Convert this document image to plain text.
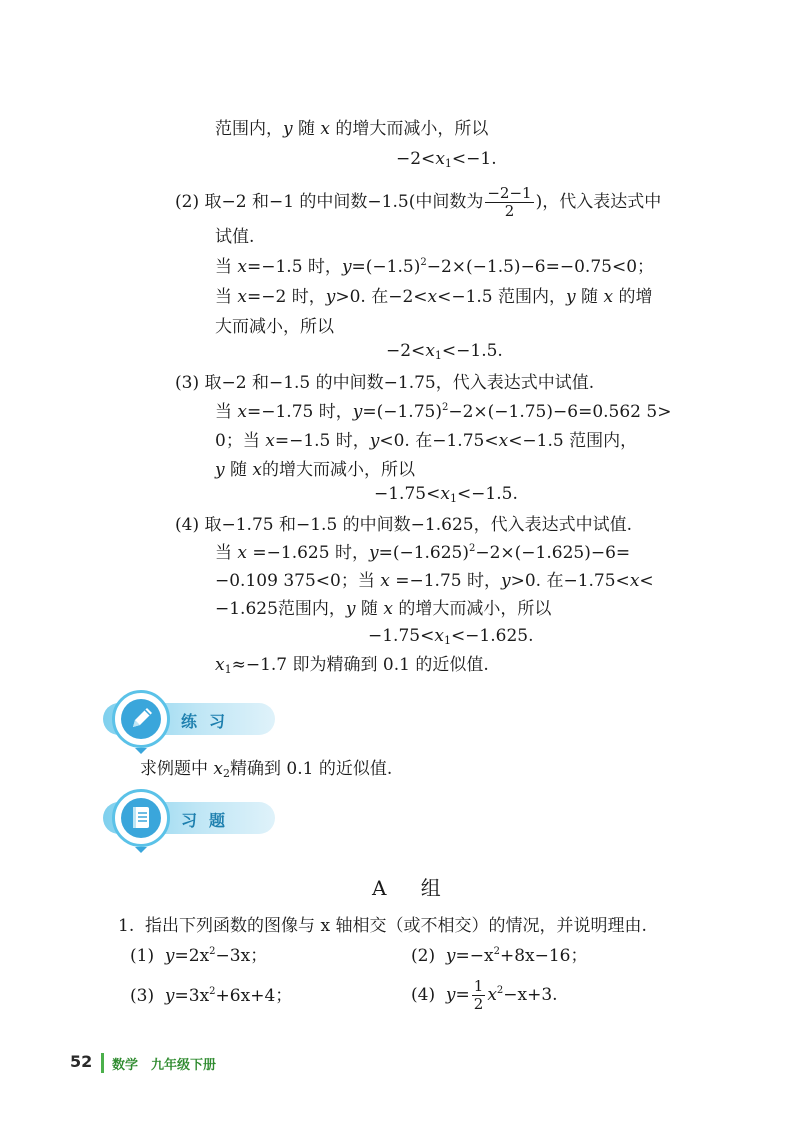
范围内，y 随 x 的增大而减小，所以
$-2<x_1<-1$.
(2) 取−2 和−1 的中间数−1.5(中间数为 $\frac{-2-1}{2}$ )，代入表达式中
试值.
当 x=−1.5 时，$y=(-1.5)^2-2\times(-1.5)-6=-0.75<0$；
当 x=−2 时，y>0. 在−2<x<−1.5 范围内，y 随 x 的增
大而减小，所以
$-2<x_1<-1.5$.
(3) 取−2 和−1.5 的中间数−1.75，代入表达式中试值.
当 x=−1.75 时，$y=(-1.75)^2-2\times(-1.75)-6=0.562$ 5>
0；当 x=−1.5 时，y<0. 在−1.75<x<−1.5 范围内，
y 随 x的增大而减小，所以
$-1.75<x_1<-1.5$.
(4) 取−1.75 和−1.5 的中间数−1.625，代入表达式中试值.
当 x =−1.625 时，$y=(-1.625)^2-2\times(-1.625)-6=$
−0.109 375<0；当 x =−1.75 时，y>0. 在−1.75<x<
−1.625范围内，y 随 x 的增大而减小，所以
$-1.75<x_1<-1.625$.
$x_1\approx-1.7$ 即为精确到 0.1 的近似值.
练习
求例题中 $x_2$精确到 0.1 的近似值.
习题
A 组
1. 指出下列函数的图像与 x 轴相交（或不相交）的情况，并说明理由.
(1) $y=2x^2-3x$；	(2) $y=-x^2+8x-16$；
(3) $y=3x^2+6x+4$；	(4) $y= \frac{1}{2} x^2-x+3$.
52 数学　九年级下册
